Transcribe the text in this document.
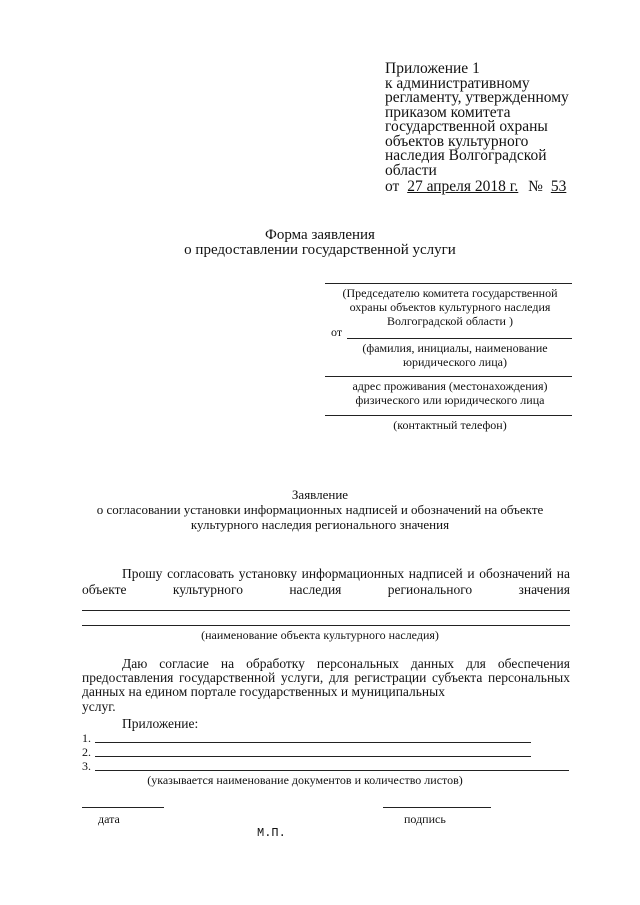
Приложение 1
к административному
регламенту, утвержденному
приказом комитета
государственной охраны
объектов культурного
наследия Волгоградской
области
от 27 апреля 2018 г. № 53
Форма заявления
о предоставлении государственной услуги
(Председателю комитета государственной
охраны объектов культурного наследия
Волгоградской области )
от
(фамилия, инициалы, наименование
юридического лица)
адрес проживания (местонахождения)
физического или юридического лица
(контактный телефон)
Заявление
о согласовании установки информационных надписей и обозначений на объекте
культурного наследия регионального значения
Прошу согласовать установку информационных надписей и обозначений на
объекте	культурного	наследия	регионального	значения
(наименование объекта культурного наследия)
Даю согласие на обработку персональных данных для обеспечения
предоставления государственной услуги, для регистрации субъекта персональных
данных на едином портале государственных и муниципальных
услуг.
Приложение:
1.
2.
3.
(указывается наименование документов и количество листов)
дата	подпись
М.П.
